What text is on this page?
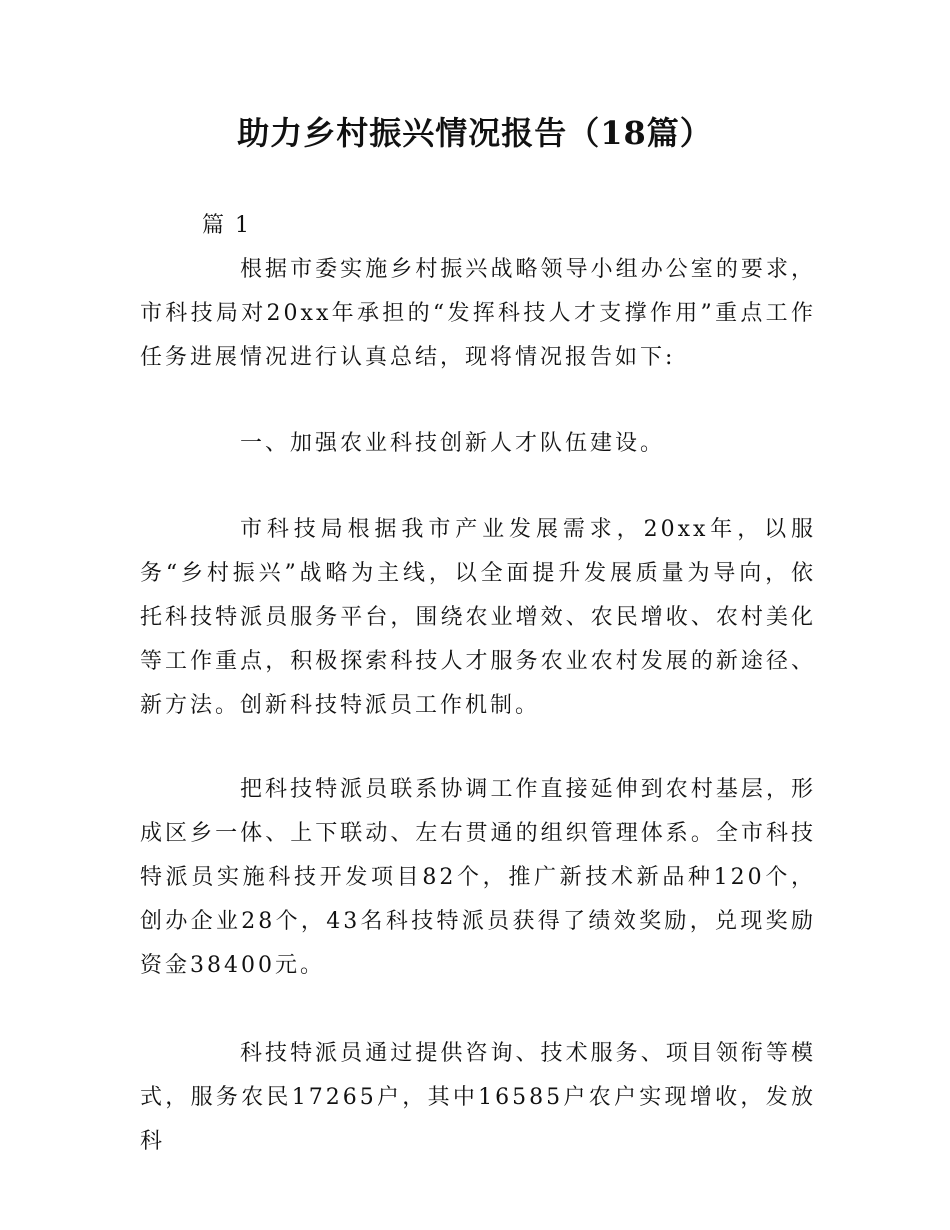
助力乡村振兴情况报告（18篇）
篇 1

根据市委实施乡村振兴战略领导小组办公室的要求，市科技局对20xx年承担的“发挥科技人才支撑作用”重点工作任务进展情况进行认真总结，现将情况报告如下:

一、加强农业科技创新人才队伍建设。

市科技局根据我市产业发展需求，20xx年，以服务“乡村振兴”战略为主线，以全面提升发展质量为导向，依托科技特派员服务平台，围绕农业增效、农民增收、农村美化等工作重点，积极探索科技人才服务农业农村发展的新途径、新方法。创新科技特派员工作机制。

把科技特派员联系协调工作直接延伸到农村基层，形成区乡一体、上下联动、左右贯通的组织管理体系。全市科技特派员实施科技开发项目82个，推广新技术新品种120个，创办企业28个，43名科技特派员获得了绩效奖励，兑现奖励资金38400元。

科技特派员通过提供咨询、技术服务、项目领衔等模式，服务农民17265户，其中16585户农户实现增收，发放科
